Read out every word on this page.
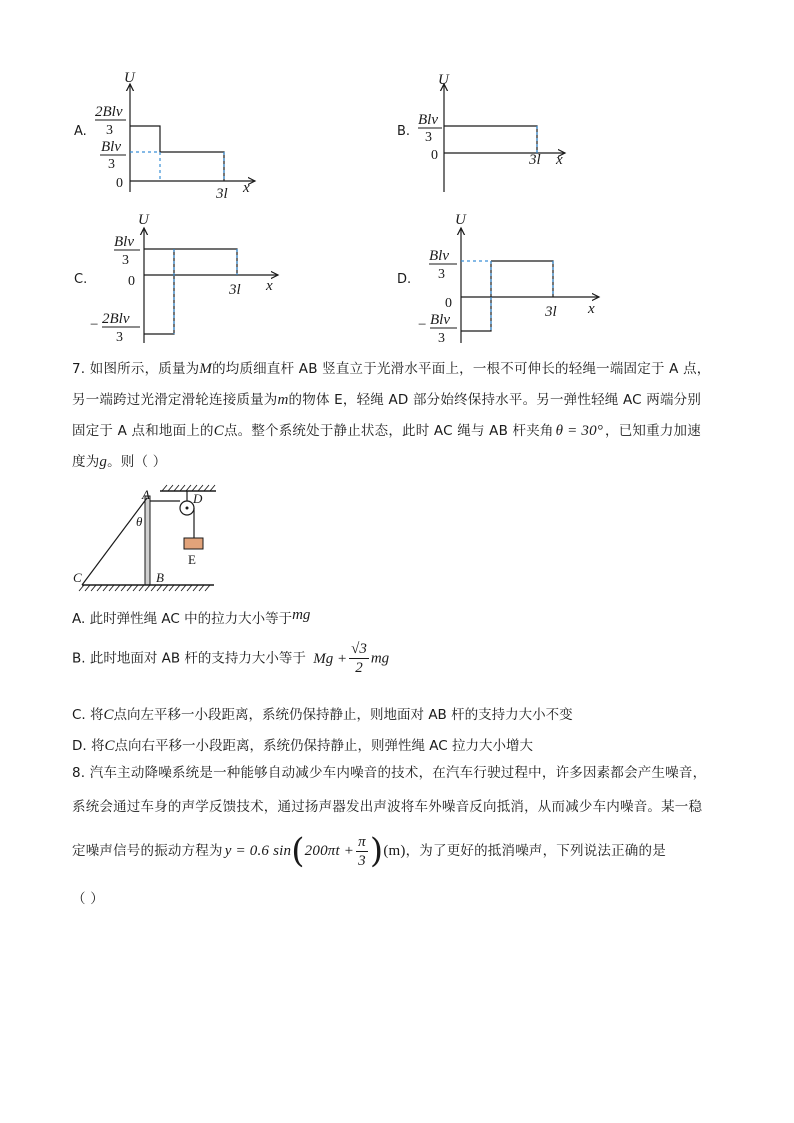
A.
U
x
0
2Blv
3
Blv
3
3l
B.
U
x
0
Blv
3
3l
C.
U
x
0
Blv
3
− 2Blv
3
3l
D.
U
x
0
Blv
3
− Blv
3
3l
7. 如图所示，质量为M的均质细直杆 AB 竖直立于光滑水平面上，一根不可伸长的轻绳一端固定于 A 点，
另一端跨过光滑定滑轮连接质量为m的物体 E，轻绳 AD 部分始终保持水平。另一弹性轻绳 AC 两端分别
固定于 A 点和地面上的C点。整个系统处于静止状态，此时 AC 绳与 AB 杆夹角 θ = 30° ，已知重力加速
度为g。则（ ）
A	D
θ
E
C	B
A. 此时弹性绳 AC 中的拉力大小等于mg
B. 此时地面对 AB 杆的支持力大小等于 $Mg + \frac{√3}{2}$ mg
C. 将C点向左平移一小段距离，系统仍保持静止，则地面对 AB 杆的支持力大小不变
D. 将C点向右平移一小段距离，系统仍保持静止，则弹性绳 AC 拉力大小增大
8. 汽车主动降噪系统是一种能够自动减少车内噪音的技术，在汽车行驶过程中，许多因素都会产生噪音，
系统会通过车身的声学反馈技术，通过扬声器发出声波将车外噪音反向抵消，从而减少车内噪音。某一稳
定噪声信号的振动方程为 y = 0.6 $\sin(200\pi t + \frac{\pi}{3} )(m)$，为了更好的抵消噪声，下列说法正确的是
（ ）
